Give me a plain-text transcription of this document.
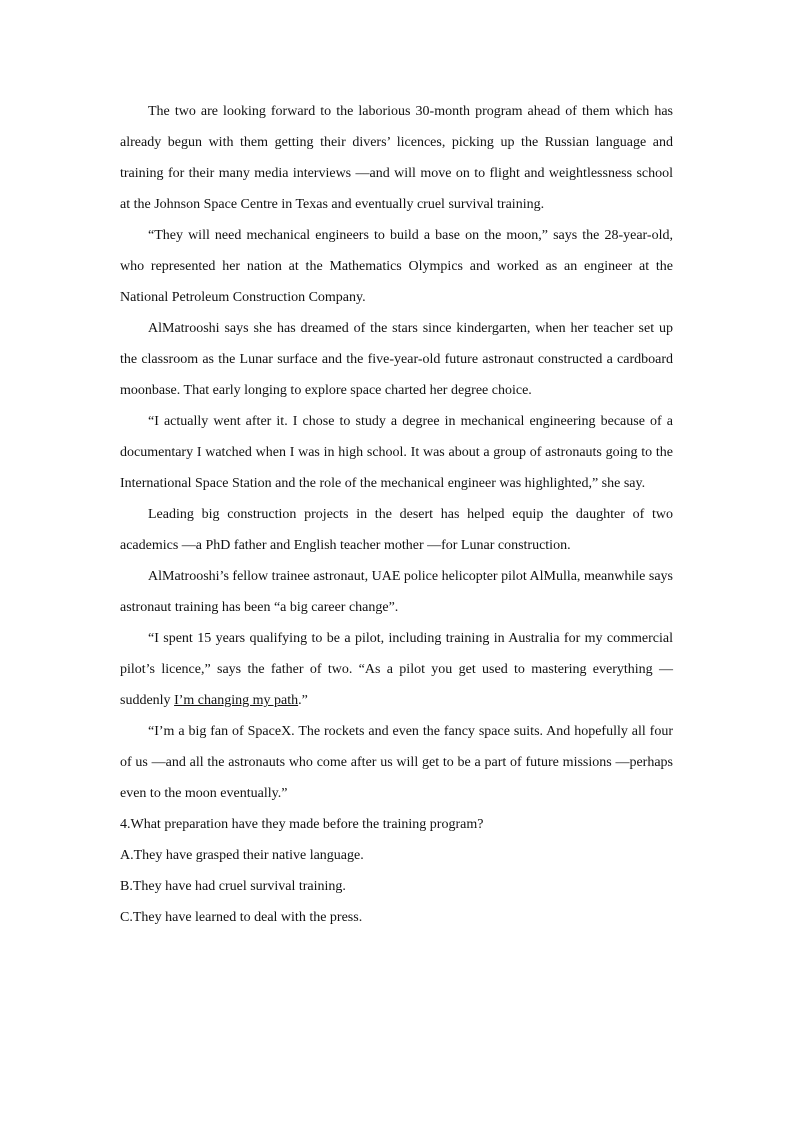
The two are looking forward to the laborious 30-month program ahead of them which has already begun with them getting their divers’ licences, picking up the Russian language and training for their many media interviews —and will move on to flight and weightlessness school at the Johnson Space Centre in Texas and eventually cruel survival training.

“They will need mechanical engineers to build a base on the moon,” says the 28-year-old, who represented her nation at the Mathematics Olympics and worked as an engineer at the National Petroleum Construction Company.

AlMatrooshi says she has dreamed of the stars since kindergarten, when her teacher set up the classroom as the Lunar surface and the five-year-old future astronaut constructed a cardboard moonbase. That early longing to explore space charted her degree choice.

“I actually went after it. I chose to study a degree in mechanical engineering because of a documentary I watched when I was in high school. It was about a group of astronauts going to the International Space Station and the role of the mechanical engineer was highlighted,” she say.

Leading big construction projects in the desert has helped equip the daughter of two academics —a PhD father and English teacher mother —for Lunar construction.

AlMatrooshi’s fellow trainee astronaut, UAE police helicopter pilot AlMulla, meanwhile says astronaut training has been “a big career change”.

“I spent 15 years qualifying to be a pilot, including training in Australia for my commercial pilot’s licence,” says the father of two. “As a pilot you get used to mastering everything —suddenly I’m changing my path.”

“I’m a big fan of SpaceX. The rockets and even the fancy space suits. And hopefully all four of us —and all the astronauts who come after us will get to be a part of future missions —perhaps even to the moon eventually.”

4.What preparation have they made before the training program?

A.They have grasped their native language.

B.They have had cruel survival training.

C.They have learned to deal with the press.
